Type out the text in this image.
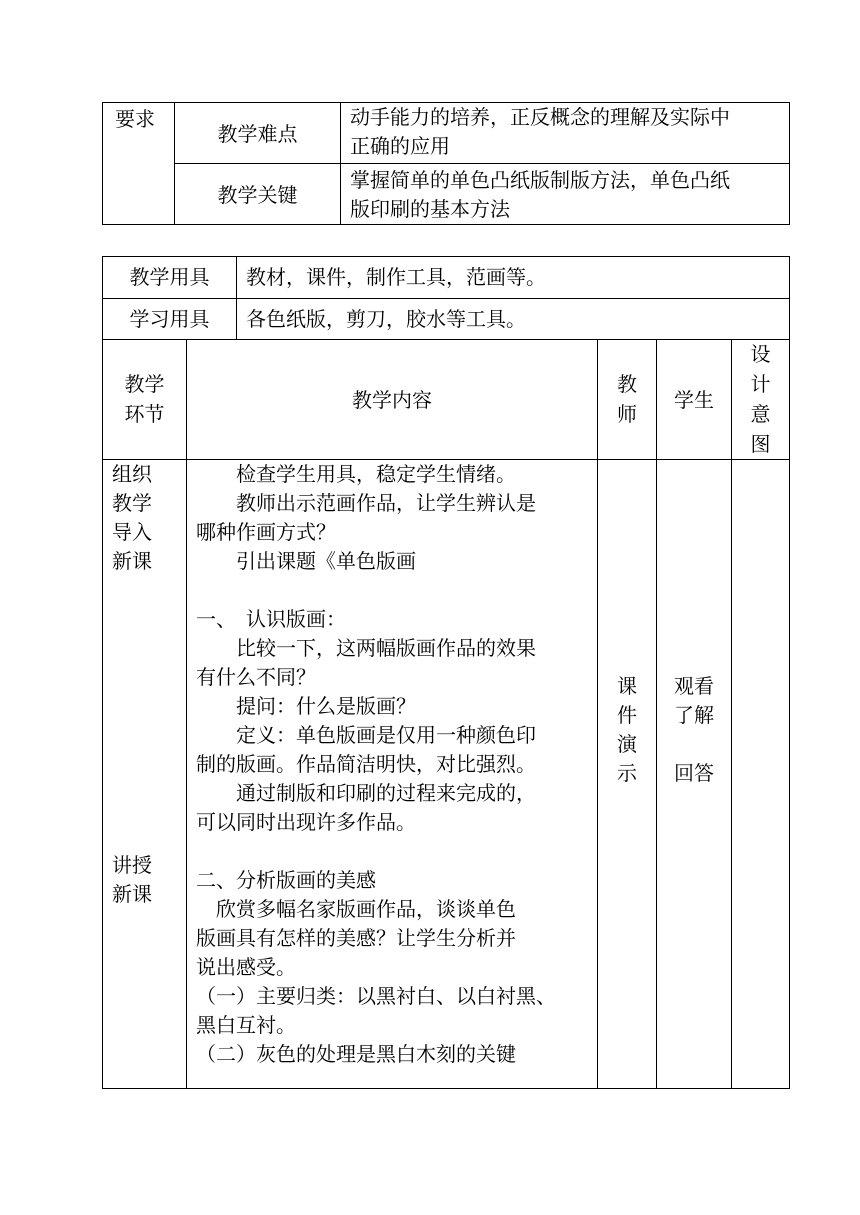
要求
教学难点
动手能力的培养，正反概念的理解及实际中
正确的应用
教学关键
掌握简单的单色凸纸版制版方法，单色凸纸
版印刷的基本方法
教学用具	教材，课件，制作工具，范画等。
学习用具	各色纸版，剪刀，胶水等工具。
教学
环节
教学内容
教
师
学生
设
计
意
图
组织
教学
导入
新课
讲授
新课
　　检查学生用具，稳定学生情绪。
　　教师出示范画作品，让学生辨认是
哪种作画方式？
　　引出课题《单色版画
一、　认识版画：
　　比较一下，这两幅版画作品的效果
有什么不同？
　　提问：什么是版画？
　　定义：单色版画是仅用一种颜色印
制的版画。作品简洁明快，对比强烈。
　　通过制版和印刷的过程来完成的，
可以同时出现许多作品。
二、分析版画的美感
　欣赏多幅名家版画作品，谈谈单色
版画具有怎样的美感？让学生分析并
说出感受。
（一）主要归类：以黑衬白、以白衬黑、
黑白互衬。
（二）灰色的处理是黑白木刻的关键
课
件
演
示
观看
了解
回答
